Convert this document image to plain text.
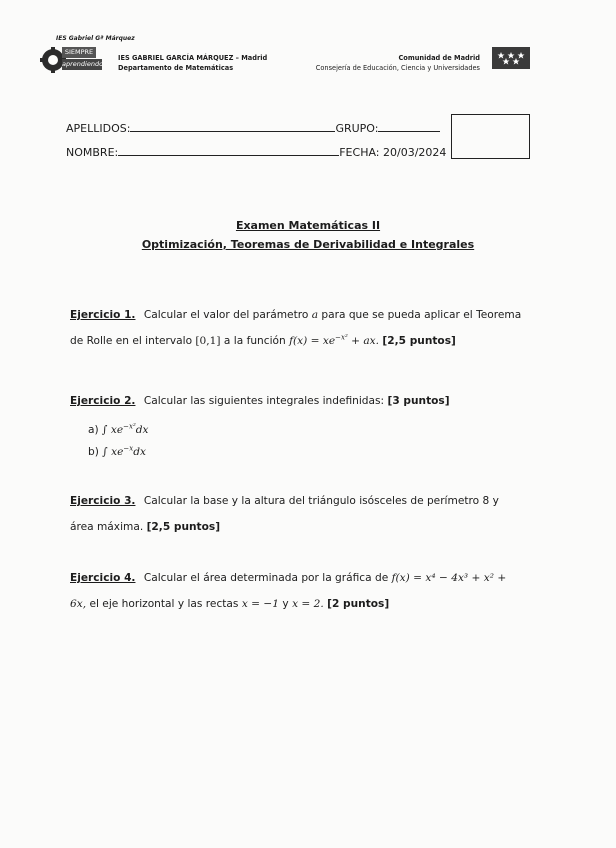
IES Gabriel Gª Márquez
SIEMPRE
aprendiendo
IES GABRIEL GARCÍA MÁRQUEZ – Madrid
Departamento de Matemáticas
Comunidad de Madrid
Consejería de Educación, Ciencia y Universidades
APELLIDOS:	GRUPO:
NOMBRE:	FECHA: 20/03/2024
Examen Matemáticas II
Optimización, Teoremas de Derivabilidad e Integrales
Ejercicio 1. Calcular el valor del parámetro a para que se pueda aplicar el Teorema
de Rolle en el intervalo [0,1] a la función $f(x) = xe^{-x^2}$ + ax. [2,5 puntos]
Ejercicio 2. Calcular las siguientes integrales indefinidas: [3 puntos]
a) ∫ $xe^{-x^2}dx$
b) ∫ $xe^{-x}dx$
Ejercicio 3. Calcular la base y la altura del triángulo isósceles de perímetro 8 y
área máxima. [2,5 puntos]
Ejercicio 4. Calcular el área determinada por la gráfica de f(x) = x⁴ − 4x³ + x² +
6x, el eje horizontal y las rectas x = −1 y x = 2. [2 puntos]
